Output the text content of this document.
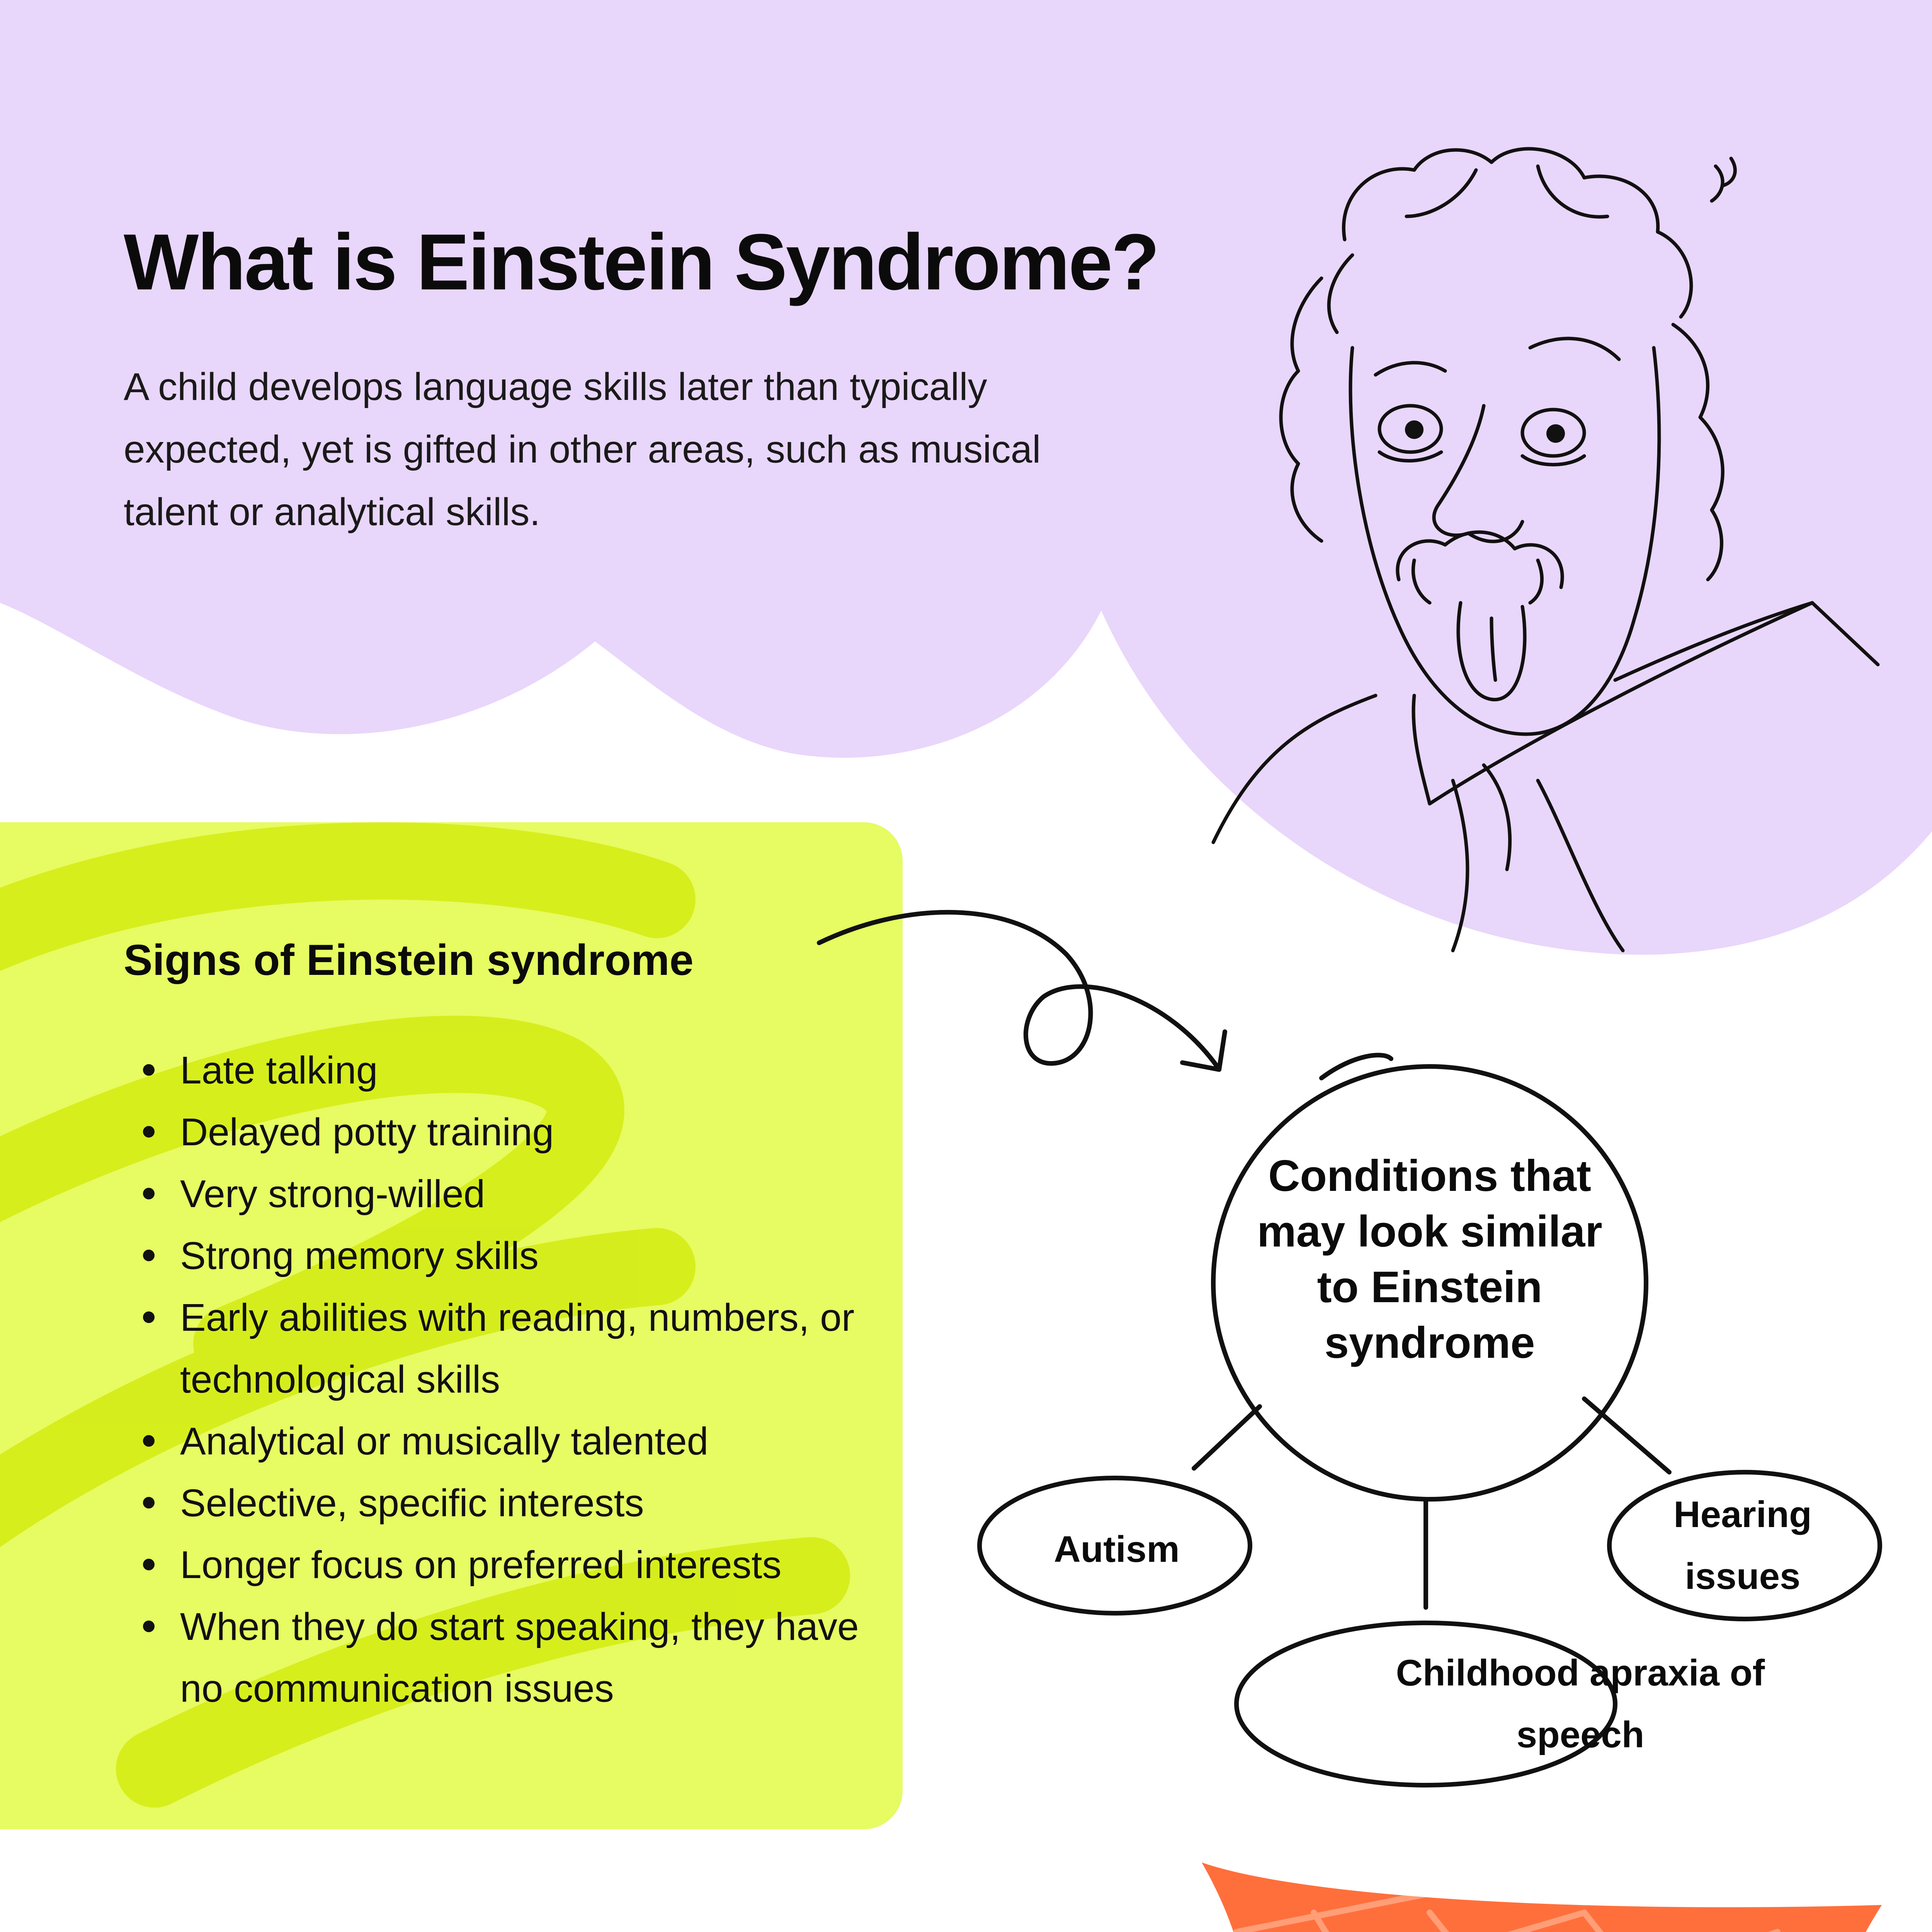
What is Einstein Syndrome?

A child develops language skills later than typically expected, yet is gifted in other areas, such as musical talent or analytical skills.

Signs of Einstein syndrome
Late talking
Delayed potty training
Very strong-willed
Strong memory skills
Early abilities with reading, numbers, or technological skills
Analytical or musically talented
Selective, specific interests
Longer focus on preferred interests
When they do start speaking, they have no communication issues
Conditions that may look similar to Einstein syndrome
Autism
Hearing issues
Childhood apraxia of speech
